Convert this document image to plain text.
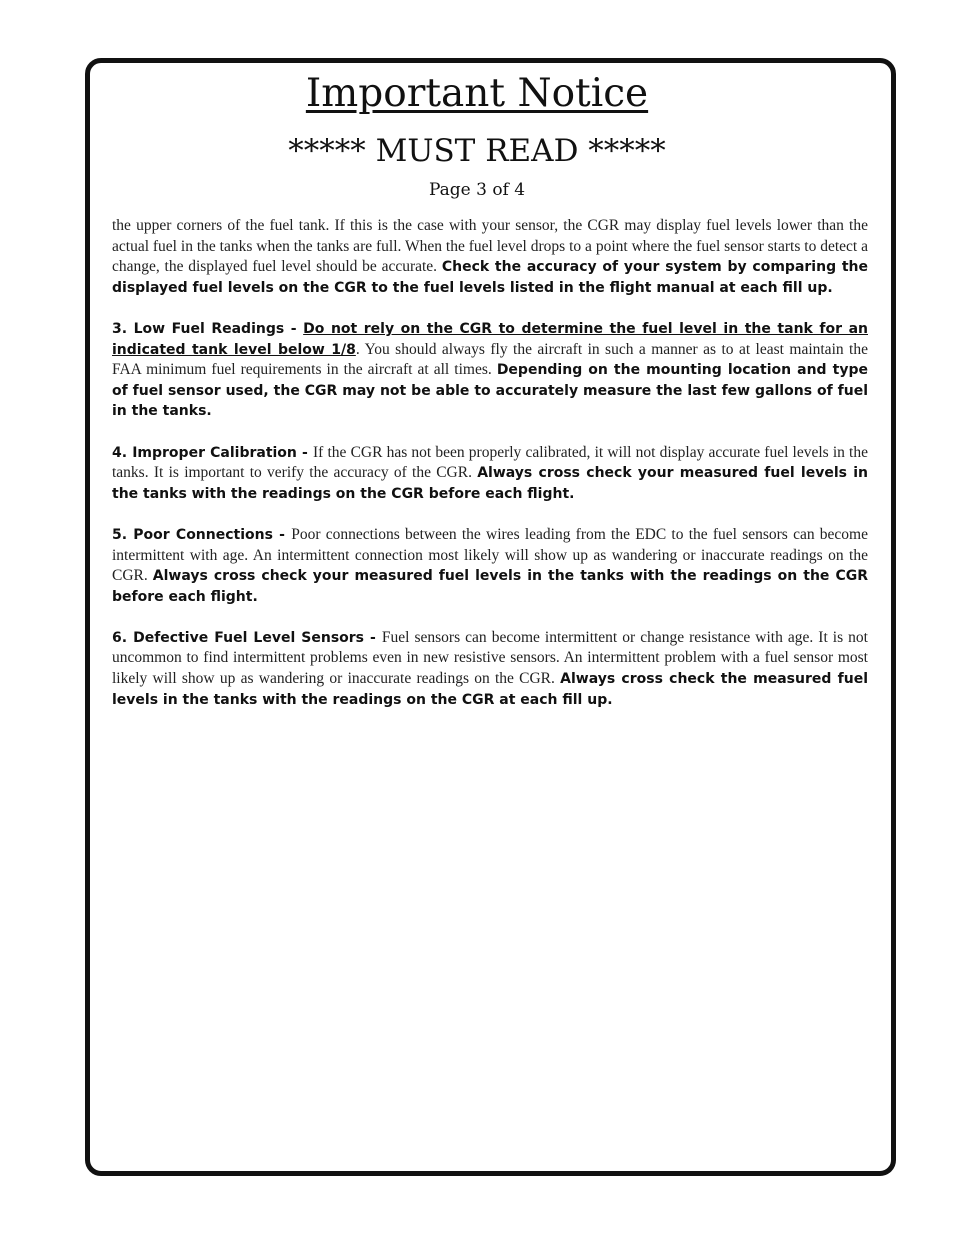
Important Notice
***** MUST READ *****
Page 3 of 4

the upper corners of the fuel tank. If this is the case with your sensor, the CGR may display fuel levels lower than the actual fuel in the tanks when the tanks are full. When the fuel level drops to a point where the fuel sensor starts to detect a change, the displayed fuel level should be accurate. Check the accuracy of your system by comparing the displayed fuel levels on the CGR to the fuel levels listed in the flight manual at each fill up.

3. Low Fuel Readings - Do not rely on the CGR to determine the fuel level in the tank for an indicated tank level below 1/8. You should always fly the aircraft in such a manner as to at least maintain the FAA minimum fuel requirements in the aircraft at all times. Depending on the mounting location and type of fuel sensor used, the CGR may not be able to accurately measure the last few gallons of fuel in the tanks.

4. Improper Calibration - If the CGR has not been properly calibrated, it will not display accurate fuel levels in the tanks. It is important to verify the accuracy of the CGR. Always cross check your measured fuel levels in the tanks with the readings on the CGR before each flight.

5. Poor Connections - Poor connections between the wires leading from the EDC to the fuel sensors can become intermittent with age. An intermittent connection most likely will show up as wandering or inaccurate readings on the CGR. Always cross check your measured fuel levels in the tanks with the readings on the CGR before each flight.

6. Defective Fuel Level Sensors - Fuel sensors can become intermittent or change resistance with age. It is not uncommon to find intermittent problems even in new resistive sensors. An intermittent problem with a fuel sensor most likely will show up as wandering or inaccurate readings on the CGR. Always cross check the measured fuel levels in the tanks with the readings on the CGR at each fill up.
